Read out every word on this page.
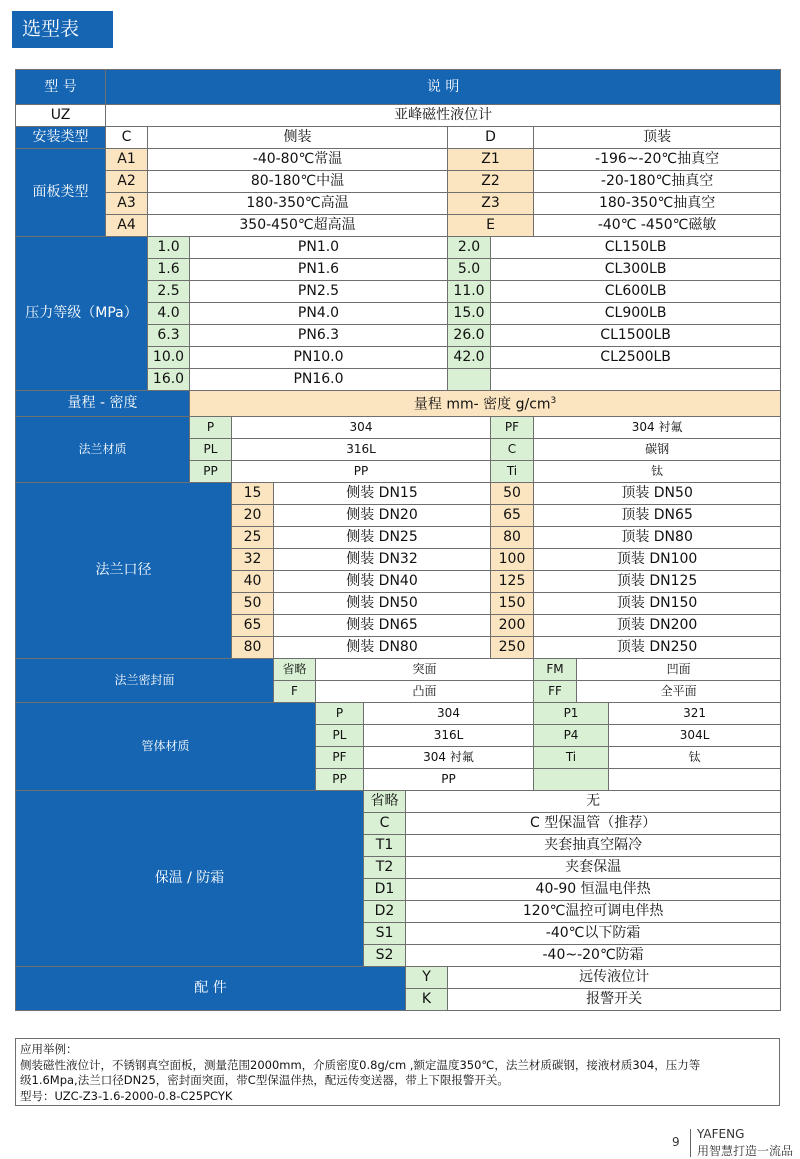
选型表
型 号	说 明												
UZ	亚峰磁性液位计												
安装类型	C	侧装							D		顶装		
面板类型	A1	-40-80℃常温							Z1		-196~-20℃抽真空		
	A2	80-180℃中温							Z2		-20-180℃抽真空		
	A3	180-350℃高温							Z3		180-350℃抽真空		
	A4	350-450℃超高温							E		-40℃ -450℃磁敏		
压力等级（MPa）		1.0	PN1.0						2.0	CL150LB			
		1.6	PN1.6						5.0	CL300LB			
		2.5	PN2.5						11.0	CL600LB			
		4.0	PN4.0						15.0	CL900LB			
		6.3	PN6.3						26.0	CL1500LB			
		10.0	PN10.0						42.0	CL2500LB			
		16.0	PN16.0										
量程 - 密度			量程 mm- 密度 $g/cm^3$
法兰材质			P	304						PF	304 衬氟		
			PL	316L						C	碳钢		
			PP	PP						Ti	钛		
法兰口径				15	侧装 DN15					50	顶装 DN50		
				20	侧装 DN20					65	顶装 DN65		
				25	侧装 DN25					80	顶装 DN80		
				32	侧装 DN32					100	顶装 DN100		
				40	侧装 DN40					125	顶装 DN125		
				50	侧装 DN50					150	顶装 DN150		
				65	侧装 DN65					200	顶装 DN200		
				80	侧装 DN80					250	顶装 DN250		
法兰密封面					省略	突面					FM	凹面	
					F	凸面					FF	全平面	
管体材质						P	304				P1		321
						PL	316L				P4		304L
						PF	304 衬氟				Ti		钛
						PP	PP						
保温 / 防霜							省略	无					
							C	C 型保温管（推荐）					
							T1	夹套抽真空隔冷					
							T2	夹套保温					
							D1	40-90 恒温电伴热					
							D2	120℃温控可调电伴热					
							S1	-40℃以下防霜					
							S2	-40~-20℃防霜					
配 件								Y	远传液位计				
								K	报警开关				
应用举例：
侧装磁性液位计，不锈钢真空面板，测量范围2000mm，介质密度0.8g/cm ,额定温度350℃，法兰材质碳钢，接液材质304，压力等
级1.6Mpa,法兰口径DN25，密封面突面，带C型保温伴热，配远传变送器，带上下限报警开关。
型号：UZC-Z3-1.6-2000-0.8-C25PCYK
9
YAFENG
用智慧打造一流品
